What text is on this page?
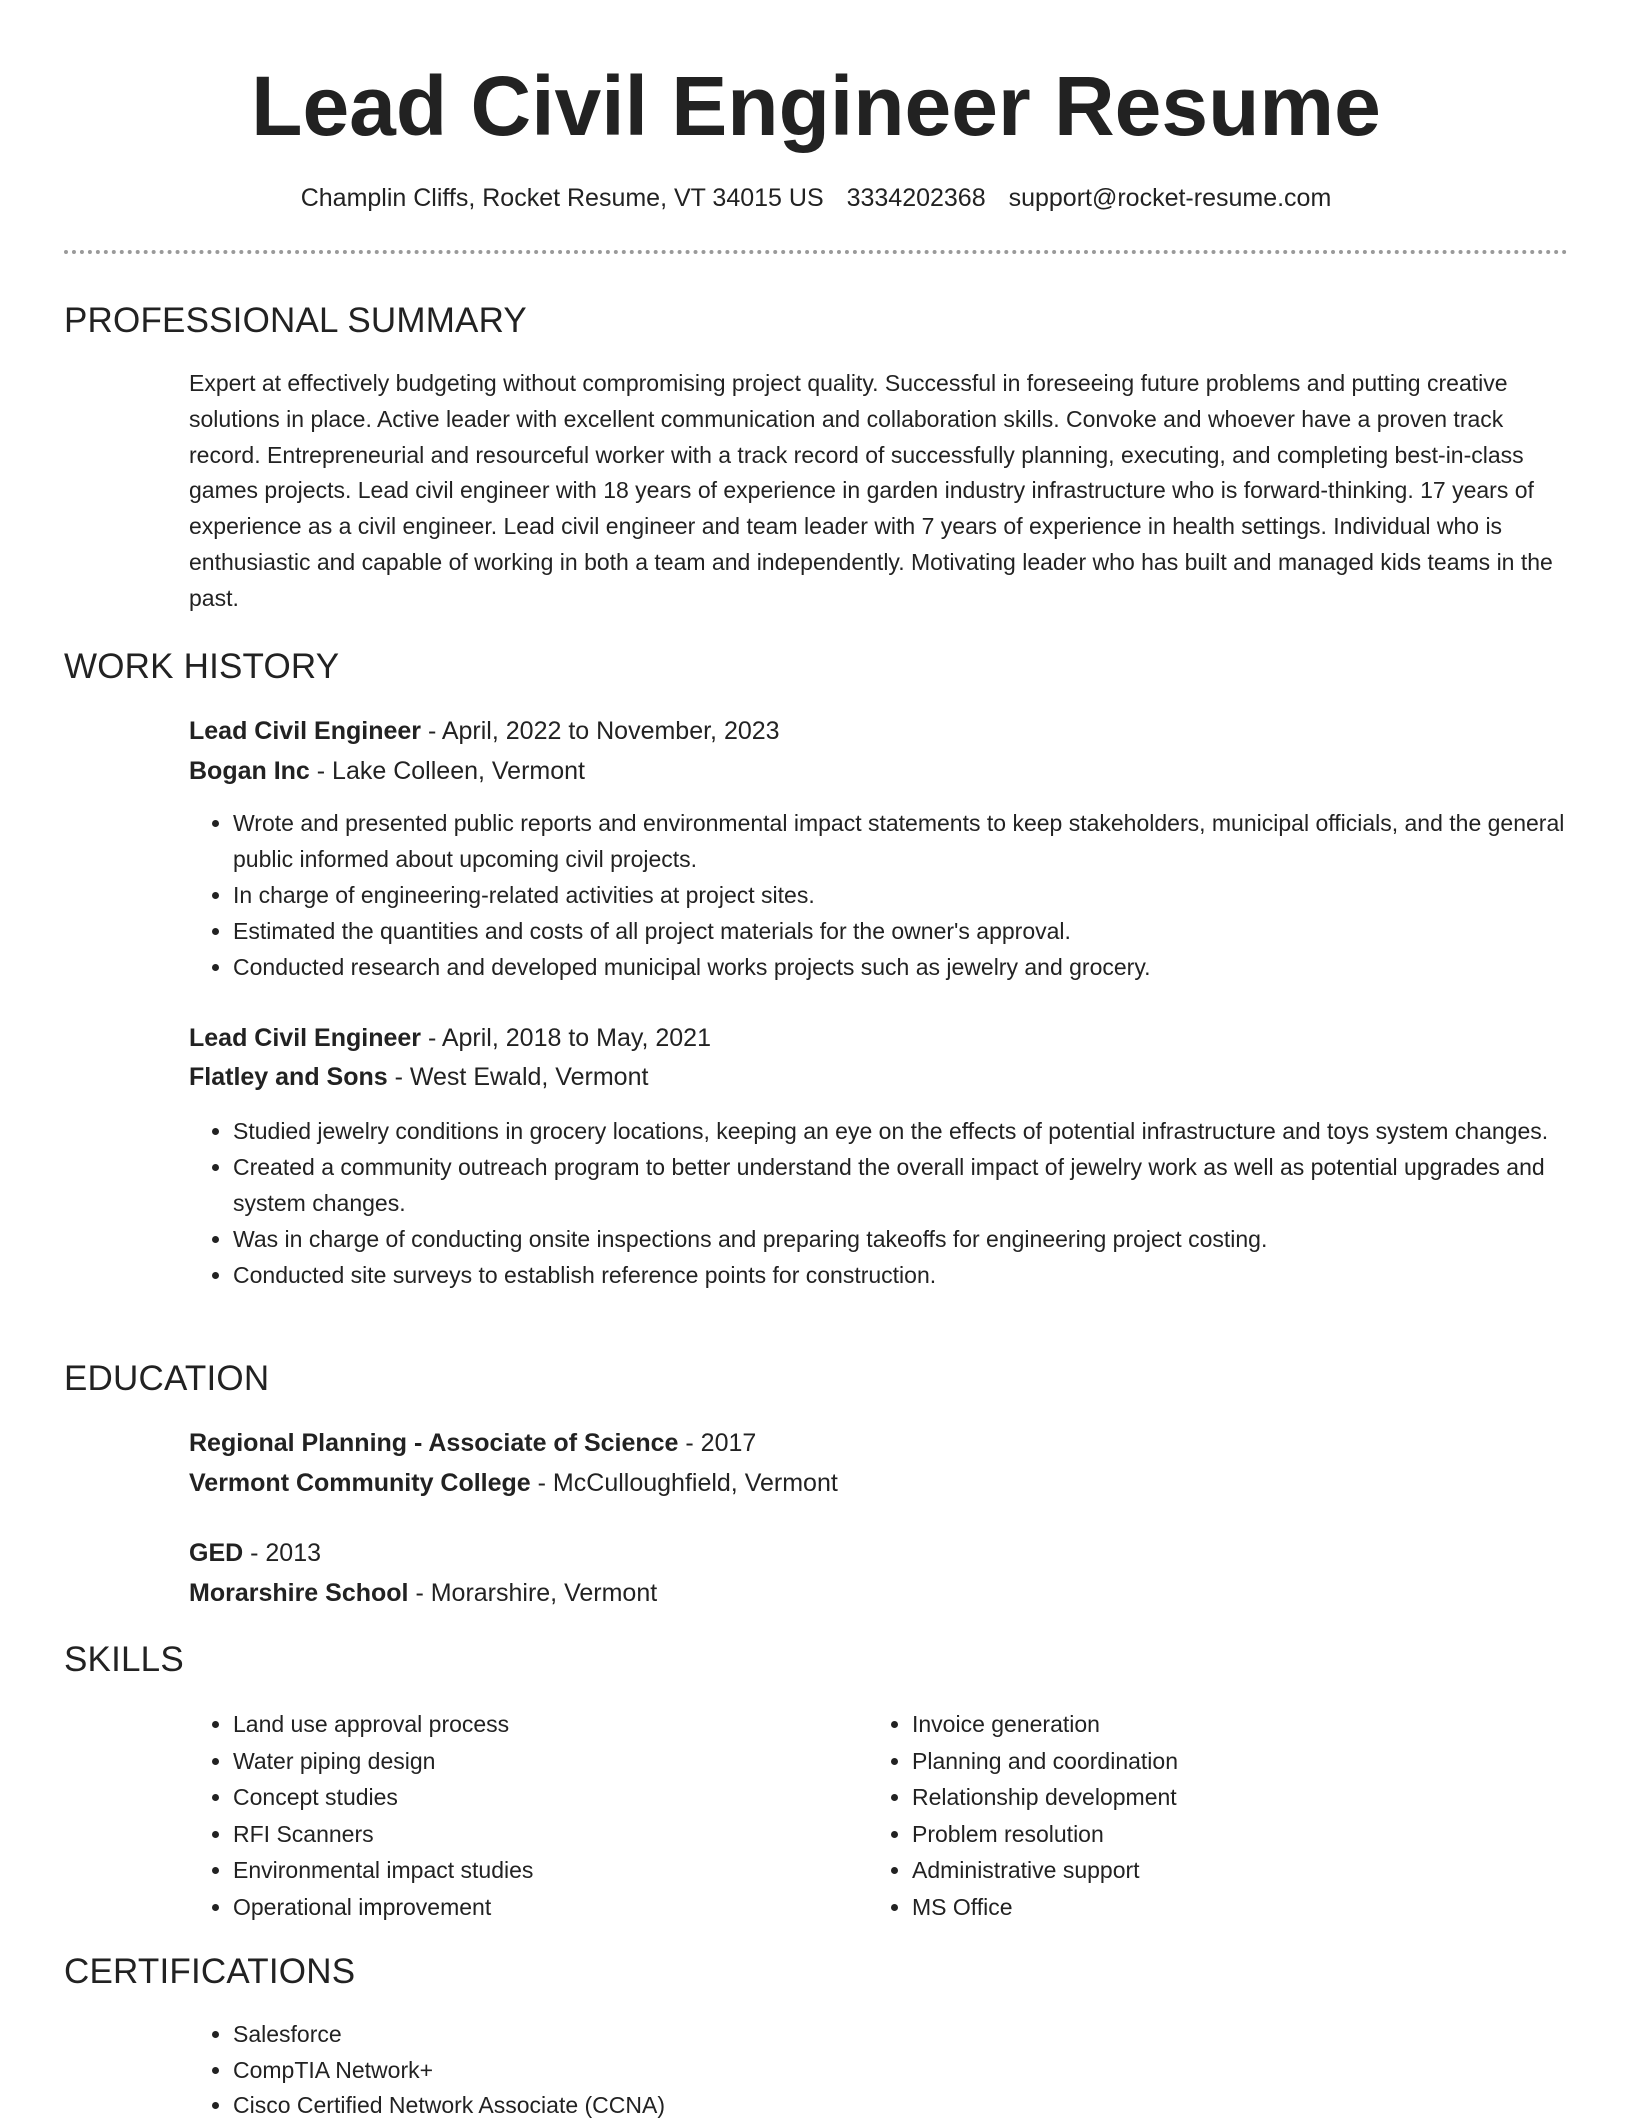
Lead Civil Engineer Resume
Champlin Cliffs, Rocket Resume, VT 34015 US 3334202368 support@rocket-resume.com
PROFESSIONAL SUMMARY

Expert at effectively budgeting without compromising project quality. Successful in foreseeing future problems and putting creative solutions in place. Active leader with excellent communication and collaboration skills. Convoke and whoever have a proven track record. Entrepreneurial and resourceful worker with a track record of successfully planning, executing, and completing best-in-class games projects. Lead civil engineer with 18 years of experience in garden industry infrastructure who is forward-thinking. 17 years of experience as a civil engineer. Lead civil engineer and team leader with 7 years of experience in health settings. Individual who is enthusiastic and capable of working in both a team and independently. Motivating leader who has built and managed kids teams in the past.

WORK HISTORY
Lead Civil Engineer - April, 2022 to November, 2023
Bogan Inc - Lake Colleen, Vermont
• Wrote and presented public reports and environmental impact statements to keep stakeholders, municipal officials, and the general public informed about upcoming civil projects.
• In charge of engineering-related activities at project sites.
• Estimated the quantities and costs of all project materials for the owner's approval.
• Conducted research and developed municipal works projects such as jewelry and grocery.
Lead Civil Engineer - April, 2018 to May, 2021
Flatley and Sons - West Ewald, Vermont
• Studied jewelry conditions in grocery locations, keeping an eye on the effects of potential infrastructure and toys system changes.
• Created a community outreach program to better understand the overall impact of jewelry work as well as potential upgrades and system changes.
• Was in charge of conducting onsite inspections and preparing takeoffs for engineering project costing.
• Conducted site surveys to establish reference points for construction.
EDUCATION
Regional Planning - Associate of Science - 2017
Vermont Community College - McCulloughfield, Vermont
GED - 2013
Morarshire School - Morarshire, Vermont
SKILLS
• Land use approval process
• Water piping design
• Concept studies
• RFI Scanners
• Environmental impact studies
• Operational improvement
• Invoice generation
• Planning and coordination
• Relationship development
• Problem resolution
• Administrative support
• MS Office
CERTIFICATIONS
• Salesforce
• CompTIA Network+
• Cisco Certified Network Associate (CCNA)
